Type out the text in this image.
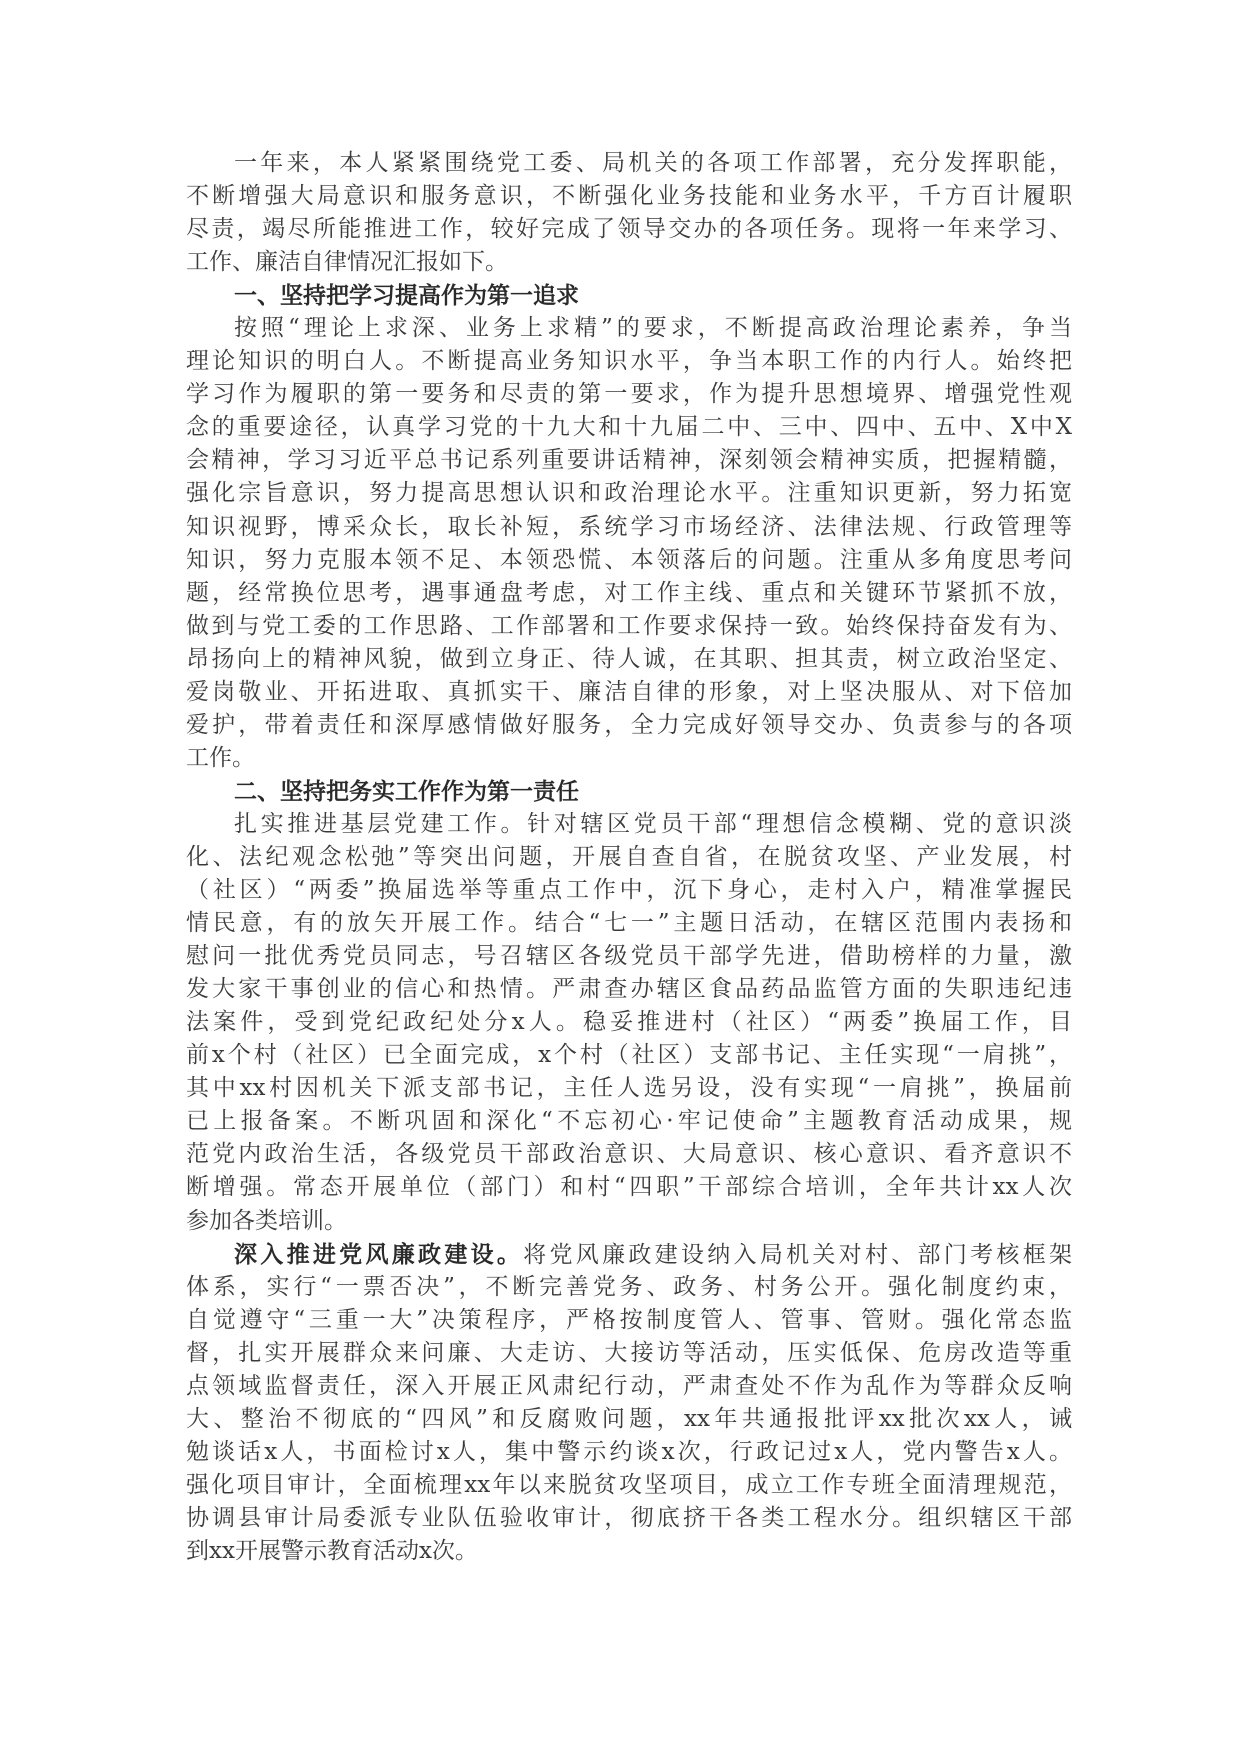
一年来，本人紧紧围绕党工委、局机关的各项工作部署，充分发挥职能，
不断增强大局意识和服务意识，不断强化业务技能和业务水平，千方百计履职
尽责，竭尽所能推进工作，较好完成了领导交办的各项任务。现将一年来学习、
工作、廉洁自律情况汇报如下。
一、坚持把学习提高作为第一追求
按照“理论上求深、业务上求精”的要求，不断提高政治理论素养，争当
理论知识的明白人。不断提高业务知识水平，争当本职工作的内行人。始终把
学习作为履职的第一要务和尽责的第一要求，作为提升思想境界、增强党性观
念的重要途径，认真学习党的十九大和十九届二中、三中、四中、五中、X中X
会精神，学习习近平总书记系列重要讲话精神，深刻领会精神实质，把握精髓，
强化宗旨意识，努力提高思想认识和政治理论水平。注重知识更新，努力拓宽
知识视野，博采众长，取长补短，系统学习市场经济、法律法规、行政管理等
知识，努力克服本领不足、本领恐慌、本领落后的问题。注重从多角度思考问
题，经常换位思考，遇事通盘考虑，对工作主线、重点和关键环节紧抓不放，
做到与党工委的工作思路、工作部署和工作要求保持一致。始终保持奋发有为、
昂扬向上的精神风貌，做到立身正、待人诚，在其职、担其责，树立政治坚定、
爱岗敬业、开拓进取、真抓实干、廉洁自律的形象，对上坚决服从、对下倍加
爱护，带着责任和深厚感情做好服务，全力完成好领导交办、负责参与的各项
工作。
二、坚持把务实工作作为第一责任
扎实推进基层党建工作。针对辖区党员干部“理想信念模糊、党的意识淡
化、法纪观念松弛”等突出问题，开展自查自省，在脱贫攻坚、产业发展，村
（社区）“两委”换届选举等重点工作中，沉下身心，走村入户，精准掌握民
情民意，有的放矢开展工作。结合“七一”主题日活动，在辖区范围内表扬和
慰问一批优秀党员同志，号召辖区各级党员干部学先进，借助榜样的力量，激
发大家干事创业的信心和热情。严肃查办辖区食品药品监管方面的失职违纪违
法案件，受到党纪政纪处分x人。稳妥推进村（社区）“两委”换届工作，目
前x个村（社区）已全面完成，x个村（社区）支部书记、主任实现“一肩挑”，
其中xx村因机关下派支部书记，主任人选另设，没有实现“一肩挑”，换届前
已上报备案。不断巩固和深化“不忘初心·牢记使命”主题教育活动成果，规
范党内政治生活，各级党员干部政治意识、大局意识、核心意识、看齐意识不
断增强。常态开展单位（部门）和村“四职”干部综合培训，全年共计xx人次
参加各类培训。
深入推进党风廉政建设。将党风廉政建设纳入局机关对村、部门考核框架
体系，实行“一票否决”，不断完善党务、政务、村务公开。强化制度约束，
自觉遵守“三重一大”决策程序，严格按制度管人、管事、管财。强化常态监
督，扎实开展群众来问廉、大走访、大接访等活动，压实低保、危房改造等重
点领域监督责任，深入开展正风肃纪行动，严肃查处不作为乱作为等群众反响
大、整治不彻底的“四风”和反腐败问题，xx年共通报批评xx批次xx人，诫
勉谈话x人，书面检讨x人，集中警示约谈x次，行政记过x人，党内警告x人。
强化项目审计，全面梳理xx年以来脱贫攻坚项目，成立工作专班全面清理规范，
协调县审计局委派专业队伍验收审计，彻底挤干各类工程水分。组织辖区干部
到xx开展警示教育活动x次。
